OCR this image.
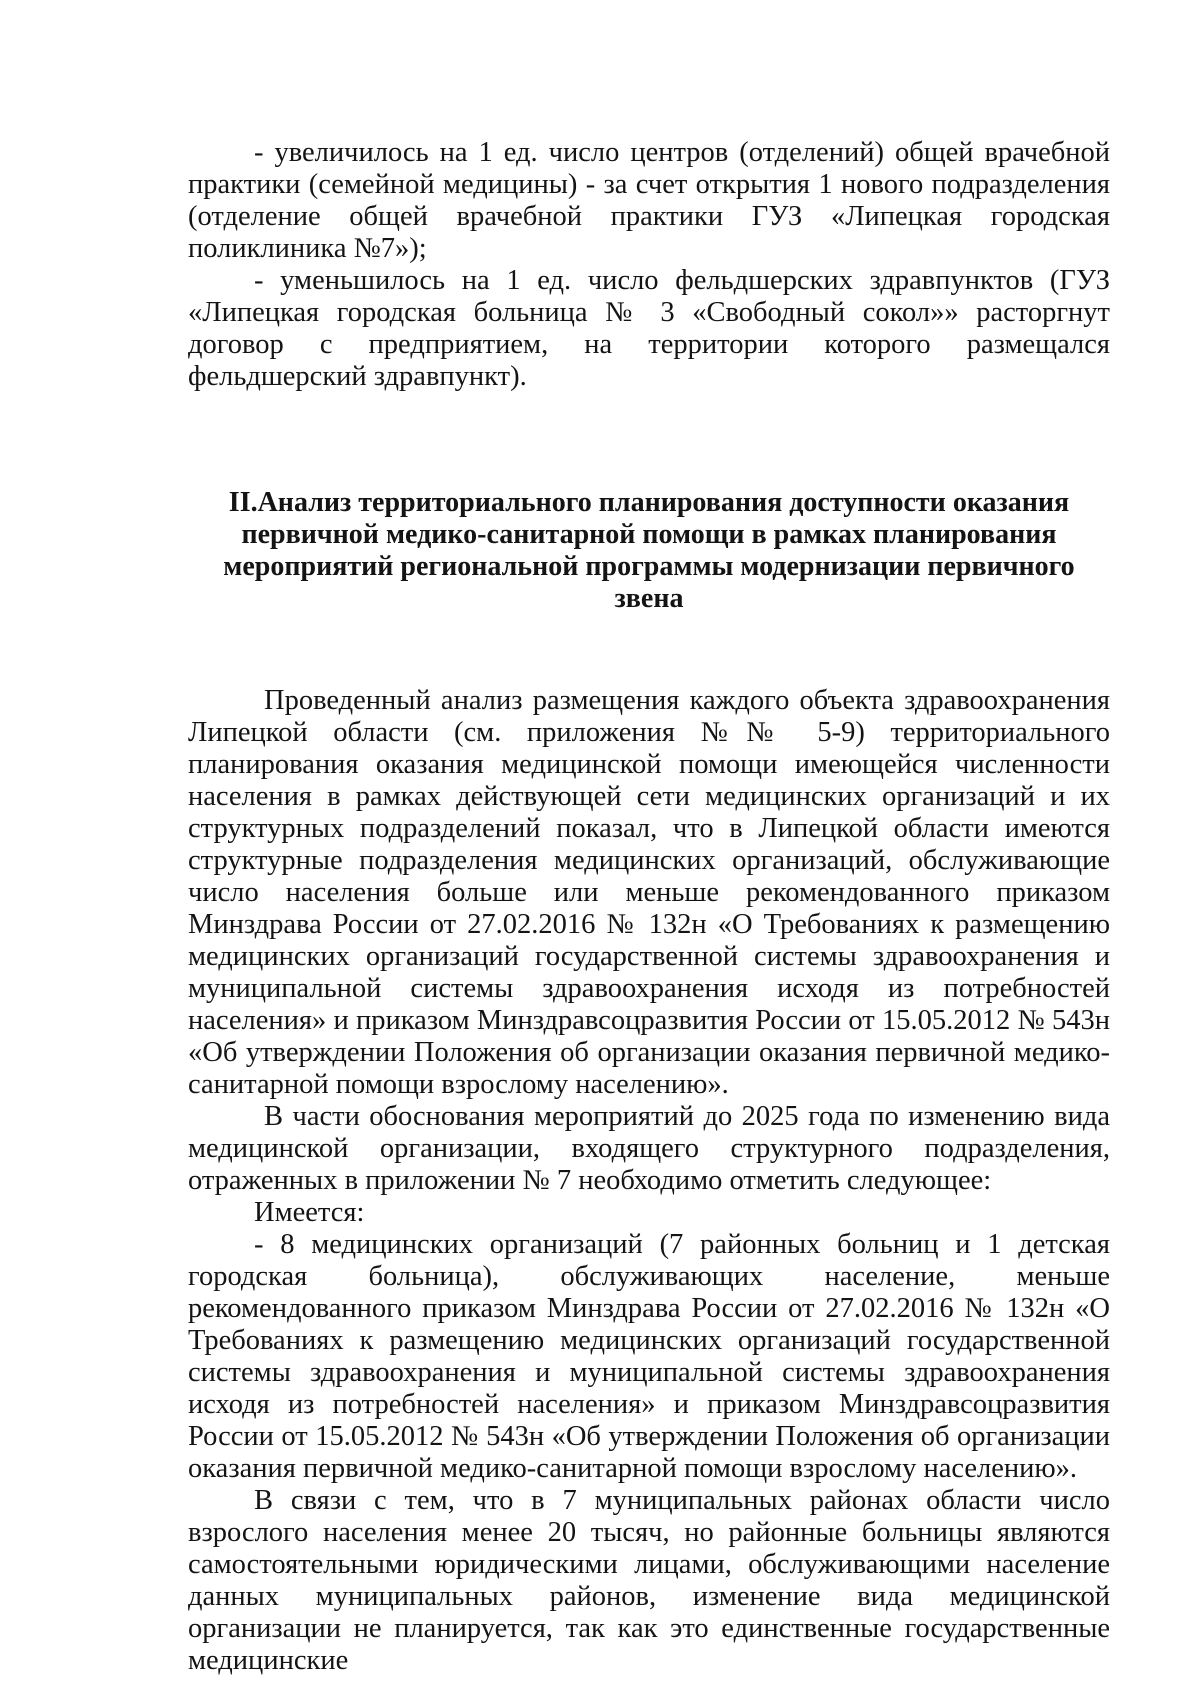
- увеличилось на 1 ед. число центров (отделений) общей врачебной практики (семейной медицины) - за счет открытия 1 нового подразделения (отделение общей врачебной практики ГУЗ «Липецкая городская поликлиника №7»);

- уменьшилось на 1 ед. число фельдшерских здравпунктов (ГУЗ «Липецкая городская больница № 3 «Свободный сокол»» расторгнут договор с предприятием, на территории которого размещался фельдшерский здравпункт).

II.Анализ территориального планирования доступности оказания
первичной медико-санитарной помощи в рамках планирования
мероприятий региональной программы модернизации первичного звена

Проведенный анализ размещения каждого объекта здравоохранения Липецкой области (см. приложения №№ 5-9) территориального планирования оказания медицинской помощи имеющейся численности населения в рамках действующей сети медицинских организаций и их структурных подразделений показал, что в Липецкой области имеются структурные подразделения медицинских организаций, обслуживающие число населения больше или меньше рекомендованного приказом Минздрава России от 27.02.2016 № 132н «О Требованиях к размещению медицинских организаций государственной системы здравоохранения и муниципальной системы здравоохранения исходя из потребностей населения» и приказом Минздравсоцразвития России от 15.05.2012 № 543н «Об утверждении Положения об организации оказания первичной медико-санитарной помощи взрослому населению».

В части обоснования мероприятий до 2025 года по изменению вида медицинской организации, входящего структурного подразделения, отраженных в приложении № 7 необходимо отметить следующее:

Имеется:

- 8 медицинских организаций (7 районных больниц и 1 детская городская больница), обслуживающих население, меньше рекомендованного приказом Минздрава России от 27.02.2016 № 132н «О Требованиях к размещению медицинских организаций государственной системы здравоохранения и муниципальной системы здравоохранения исходя из потребностей населения» и приказом Минздравсоцразвития России от 15.05.2012 № 543н «Об утверждении Положения об организации оказания первичной медико-санитарной помощи взрослому населению».

В связи с тем, что в 7 муниципальных районах области число взрослого населения менее 20 тысяч, но районные больницы являются самостоятельными юридическими лицами, обслуживающими население данных муниципальных районов, изменение вида медицинской организации не планируется, так как это единственные государственные медицинские
